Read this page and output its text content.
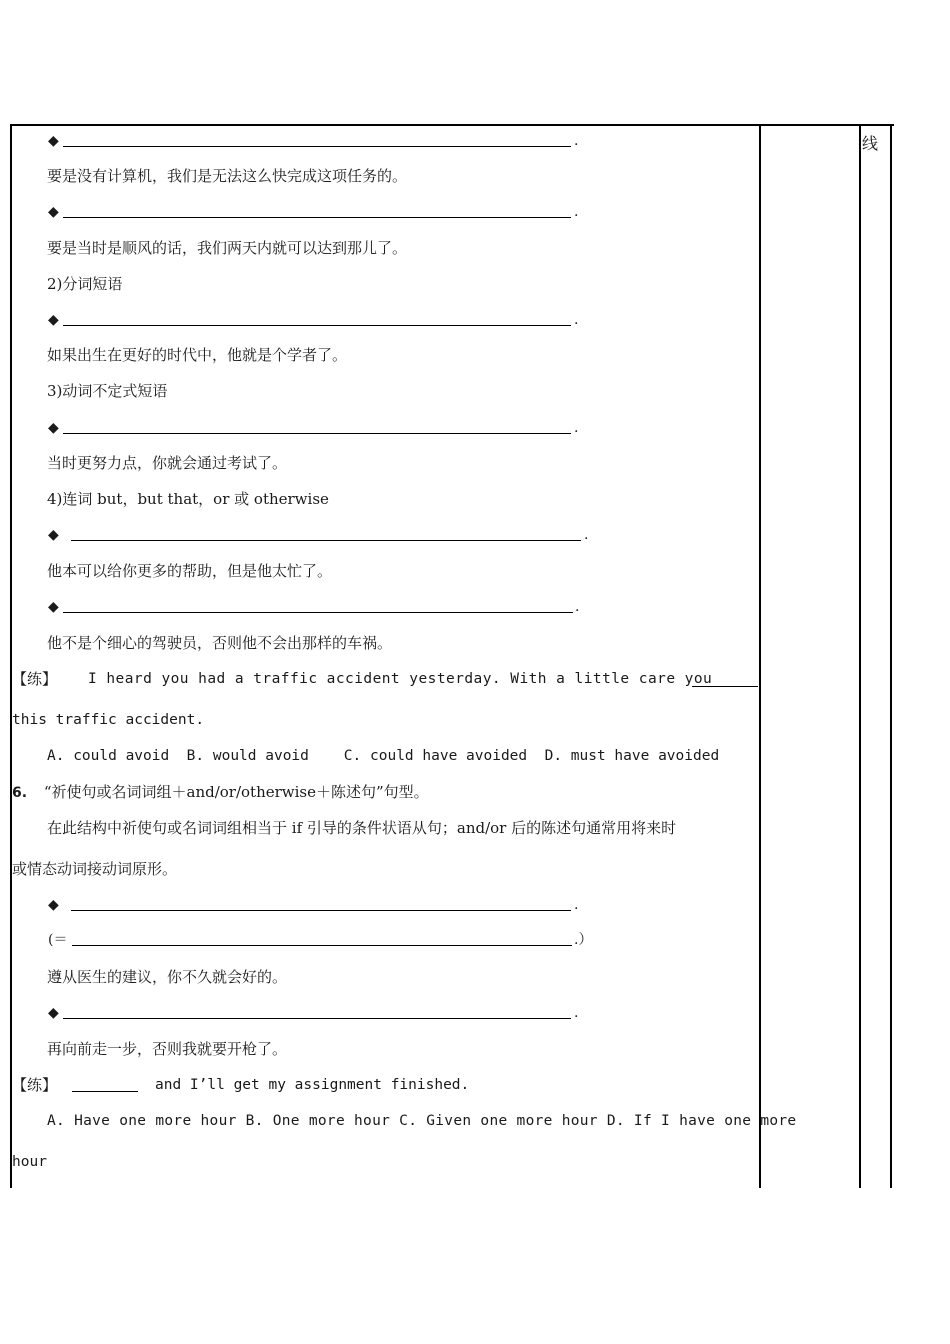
线
◆	.
要是没有计算机，我们是无法这么快完成这项任务的。
◆	.
要是当时是顺风的话，我们两天内就可以达到那儿了。
2)分词短语
◆	.
如果出生在更好的时代中，他就是个学者了。
3)动词不定式短语
◆	.
当时更努力点，你就会通过考试了。
4)连词 but，but that，or 或 otherwise
◆	.
他本可以给你更多的帮助，但是他太忙了。
◆	.
他不是个细心的驾驶员，否则他不会出那样的车祸。
【练】 I heard you had a traffic accident yesterday. With a little care you
this traffic accident.
A. could avoid  B. would avoid    C. could have avoided  D. must have avoided
6. “祈使句或名词词组＋and/or/otherwise＋陈述句”句型。
在此结构中祈使句或名词词组相当于 if 引导的条件状语从句；and/or 后的陈述句通常用将来时
或情态动词接动词原形。
◆	.
(＝	.）
遵从医生的建议，你不久就会好的。
◆	.
再向前走一步，否则我就要开枪了。
【练】	and I’ll get my assignment finished.
A. Have one more hour B. One more hour C. Given one more hour D. If I have one more
hour
